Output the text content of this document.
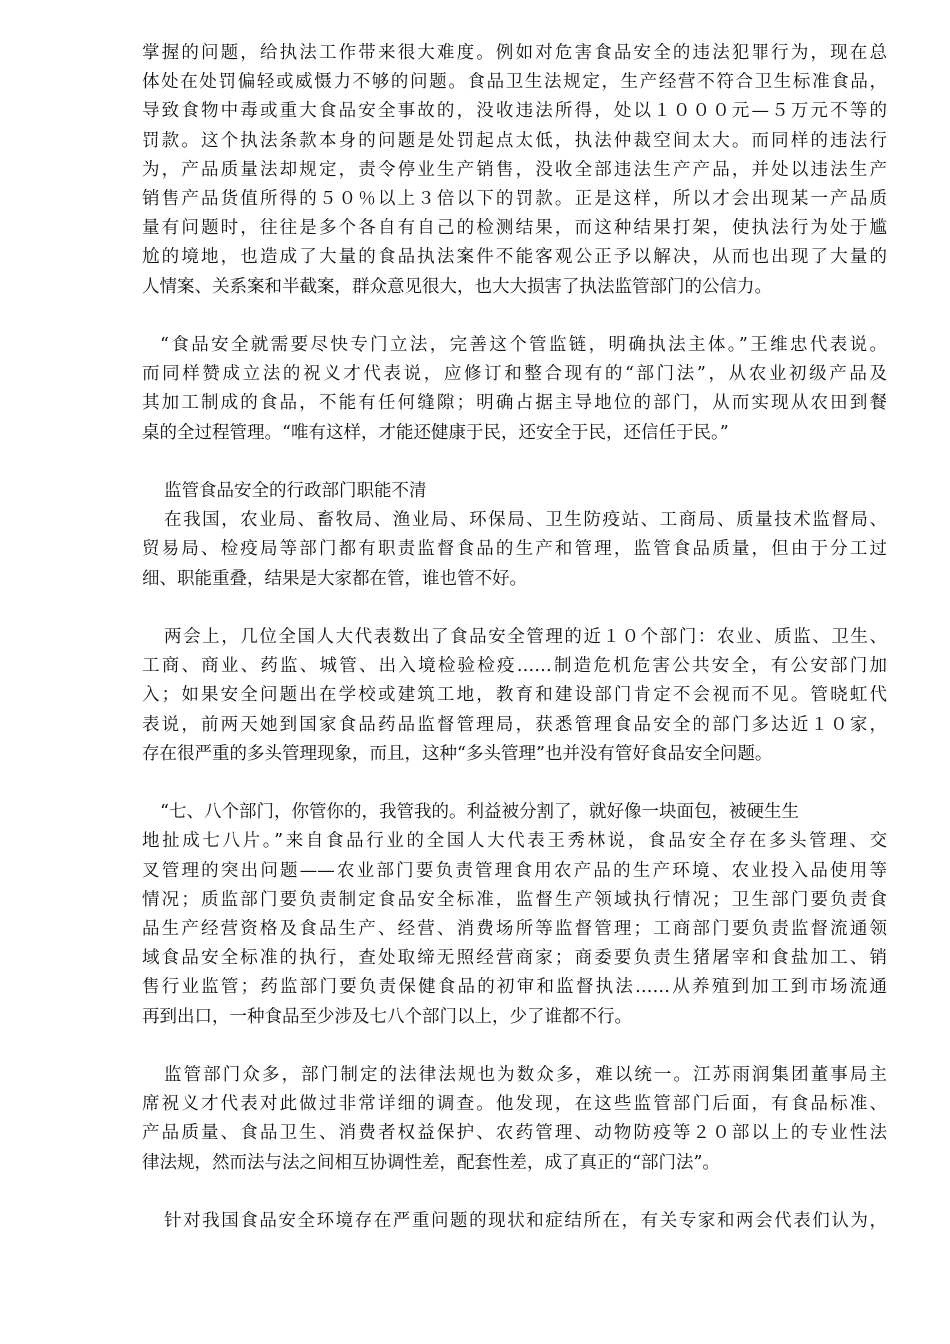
掌握的问题，给执法工作带来很大难度。例如对危害食品安全的违法犯罪行为，现在总
体处在处罚偏轻或威慑力不够的问题。食品卫生法规定，生产经营不符合卫生标准食品，
导致食物中毒或重大食品安全事故的，没收违法所得，处以１０００元—５万元不等的
罚款。这个执法条款本身的问题是处罚起点太低，执法仲裁空间太大。而同样的违法行
为，产品质量法却规定，责令停业生产销售，没收全部违法生产产品，并处以违法生产
销售产品货值所得的５０％以上３倍以下的罚款。正是这样，所以才会出现某一产品质
量有问题时，往往是多个各自有自己的检测结果，而这种结果打架，使执法行为处于尴
尬的境地，也造成了大量的食品执法案件不能客观公正予以解决，从而也出现了大量的
人情案、关系案和半截案，群众意见很大，也大大损害了执法监管部门的公信力。
“食品安全就需要尽快专门立法，完善这个管监链，明确执法主体。”王维忠代表说。
而同样赞成立法的祝义才代表说，应修订和整合现有的“部门法”，从农业初级产品及
其加工制成的食品，不能有任何缝隙；明确占据主导地位的部门，从而实现从农田到餐
桌的全过程管理。“唯有这样，才能还健康于民，还安全于民，还信任于民。”
监管食品安全的行政部门职能不清
在我国，农业局、畜牧局、渔业局、环保局、卫生防疫站、工商局、质量技术监督局、
贸易局、检疫局等部门都有职责监督食品的生产和管理，监管食品质量，但由于分工过
细、职能重叠，结果是大家都在管，谁也管不好。
两会上，几位全国人大代表数出了食品安全管理的近１０个部门：农业、质监、卫生、
工商、商业、药监、城管、出入境检验检疫……制造危机危害公共安全，有公安部门加
入；如果安全问题出在学校或建筑工地，教育和建设部门肯定不会视而不见。管晓虹代
表说，前两天她到国家食品药品监督管理局，获悉管理食品安全的部门多达近１０家，
存在很严重的多头管理现象，而且，这种“多头管理”也并没有管好食品安全问题。
“七、八个部门，你管你的，我管我的。利益被分割了，就好像一块面包，被硬生生
地扯成七八片。”来自食品行业的全国人大代表王秀林说，食品安全存在多头管理、交
叉管理的突出问题——农业部门要负责管理食用农产品的生产环境、农业投入品使用等
情况；质监部门要负责制定食品安全标准，监督生产领域执行情况；卫生部门要负责食
品生产经营资格及食品生产、经营、消费场所等监督管理；工商部门要负责监督流通领
域食品安全标准的执行，查处取缔无照经营商家；商委要负责生猪屠宰和食盐加工、销
售行业监管；药监部门要负责保健食品的初审和监督执法……从养殖到加工到市场流通
再到出口，一种食品至少涉及七八个部门以上，少了谁都不行。
监管部门众多，部门制定的法律法规也为数众多，难以统一。江苏雨润集团董事局主
席祝义才代表对此做过非常详细的调查。他发现，在这些监管部门后面，有食品标准、
产品质量、食品卫生、消费者权益保护、农药管理、动物防疫等２０部以上的专业性法
律法规，然而法与法之间相互协调性差，配套性差，成了真正的“部门法”。
针对我国食品安全环境存在严重问题的现状和症结所在，有关专家和两会代表们认为，
